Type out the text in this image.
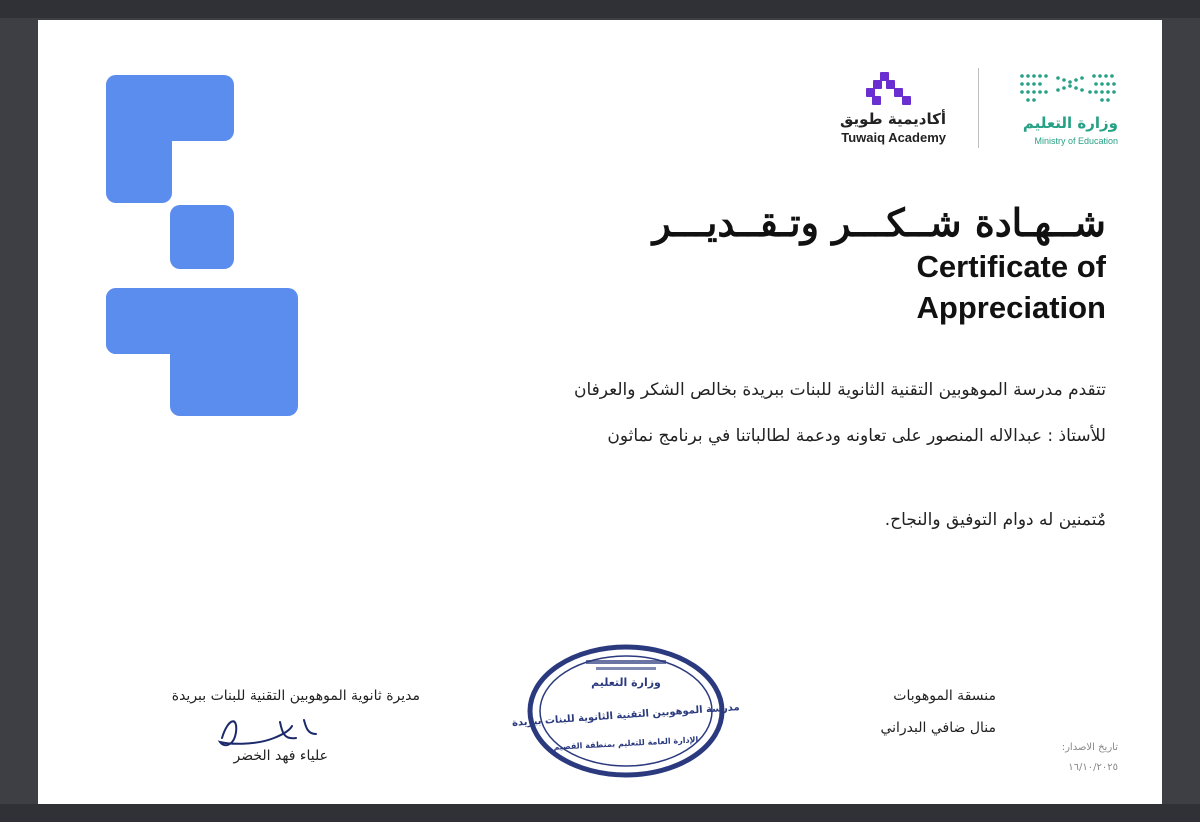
أكاديمية طويق
Tuwaiq Academy
وزارة التعليم
Ministry of Education
شــهـادة شــكـــر وتـقــديـــر
Certificate of Appreciation
تتقدم مدرسة الموهوبين التقنية الثانوية للبنات ببريدة بخالص الشكر والعرفان
للأستاذ : عبدالاله المنصور على تعاونه ودعمة لطالباتنا في برنامج نماثون
مٌتمنين له دوام التوفيق والنجاح.
منسقة الموهوبات
منال ضافي البدراني
مديرة ثانوية الموهوبين التقنية للبنات ببريدة
علياء فهد الخضر
وزارة التعليم
مدرسة الموهوبين التقنية الثانوية للبنات ببريدة
الإدارة العامة للتعليم بمنطقة القصيم	تاريخ الاصدار:
١٦/١٠/٢٠٢٥
